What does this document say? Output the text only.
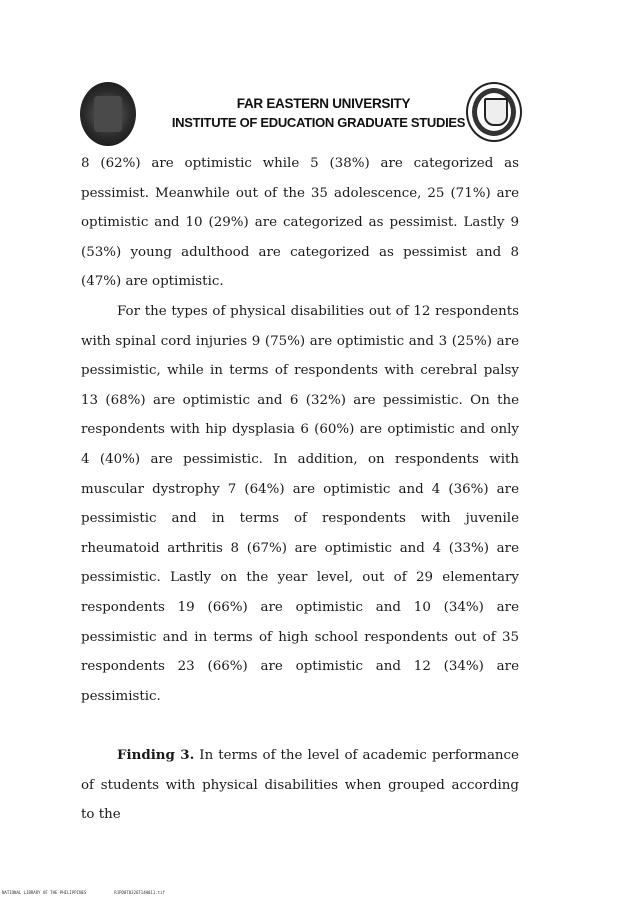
FAR EASTERN UNIVERSITY
INSTITUTE OF EDUCATION GRADUATE STUDIES

8 (62%) are optimistic while 5 (38%) are categorized as pessimist. Meanwhile out of the 35 adolescence, 25 (71%) are optimistic and 10 (29%) are categorized as pessimist. Lastly 9 (53%) young adulthood are categorized as pessimist and 8 (47%) are optimistic.

For the types of physical disabilities out of 12 respondents with spinal cord injuries 9 (75%) are optimistic and 3 (25%) are pessimistic, while in terms of respondents with cerebral palsy 13 (68%) are optimistic and 6 (32%) are pessimistic. On the respondents with hip dysplasia 6 (60%) are optimistic and only 4 (40%) are pessimistic. In addition, on respondents with muscular dystrophy 7 (64%) are optimistic and 4 (36%) are pessimistic and in terms of respondents with juvenile rheumatoid arthritis 8 (67%) are optimistic and 4 (33%) are pessimistic. Lastly on the year level, out of 29 elementary respondents 19 (66%) are optimistic and 10 (34%) are pessimistic and in terms of high school respondents out of 35 respondents 23 (66%) are optimistic and 12 (34%) are pessimistic.

Finding 3. In terms of the level of academic performance of students with physical disabilities when grouped according to the

NATIONAL LIBRARY OF THE PHILIPPINES	RJPD0T0326T14H011.tif
